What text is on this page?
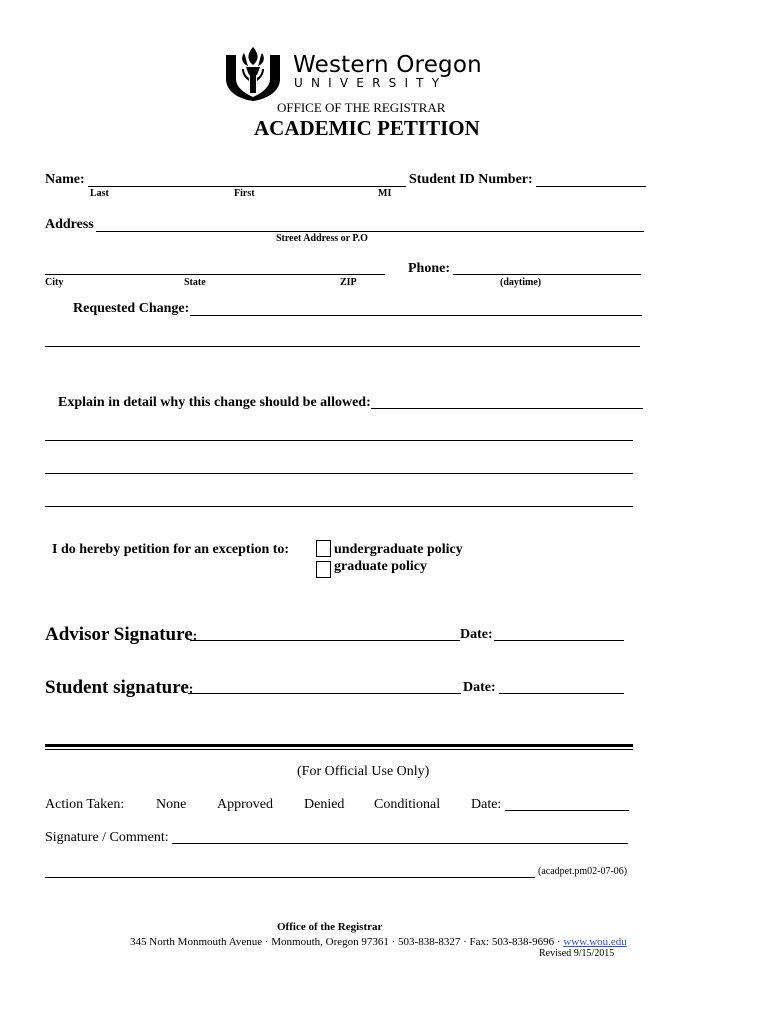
Western Oregon
UNIVERSITY
OFFICE OF THE REGISTRAR
ACADEMIC PETITION
Name:	Student ID Number:
Last	First	MI
Address
Street Address or P.O
Phone:
City	State	ZIP	(daytime)
Requested Change:
Explain in detail why this change should be allowed:
I do hereby petition for an exception to:	undergraduate policy
graduate policy
Advisor Signature:	Date:
Student signature:	Date:
(For Official Use Only)
Action Taken: None Approved Denied Conditional Date:
Signature / Comment:
(acadpet.pm02-07-06)
Office of the Registrar
345 North Monmouth Avenue · Monmouth, Oregon 97361 · 503-838-8327 · Fax: 503-838-9696 · www.wou.edu
Revised 9/15/2015
